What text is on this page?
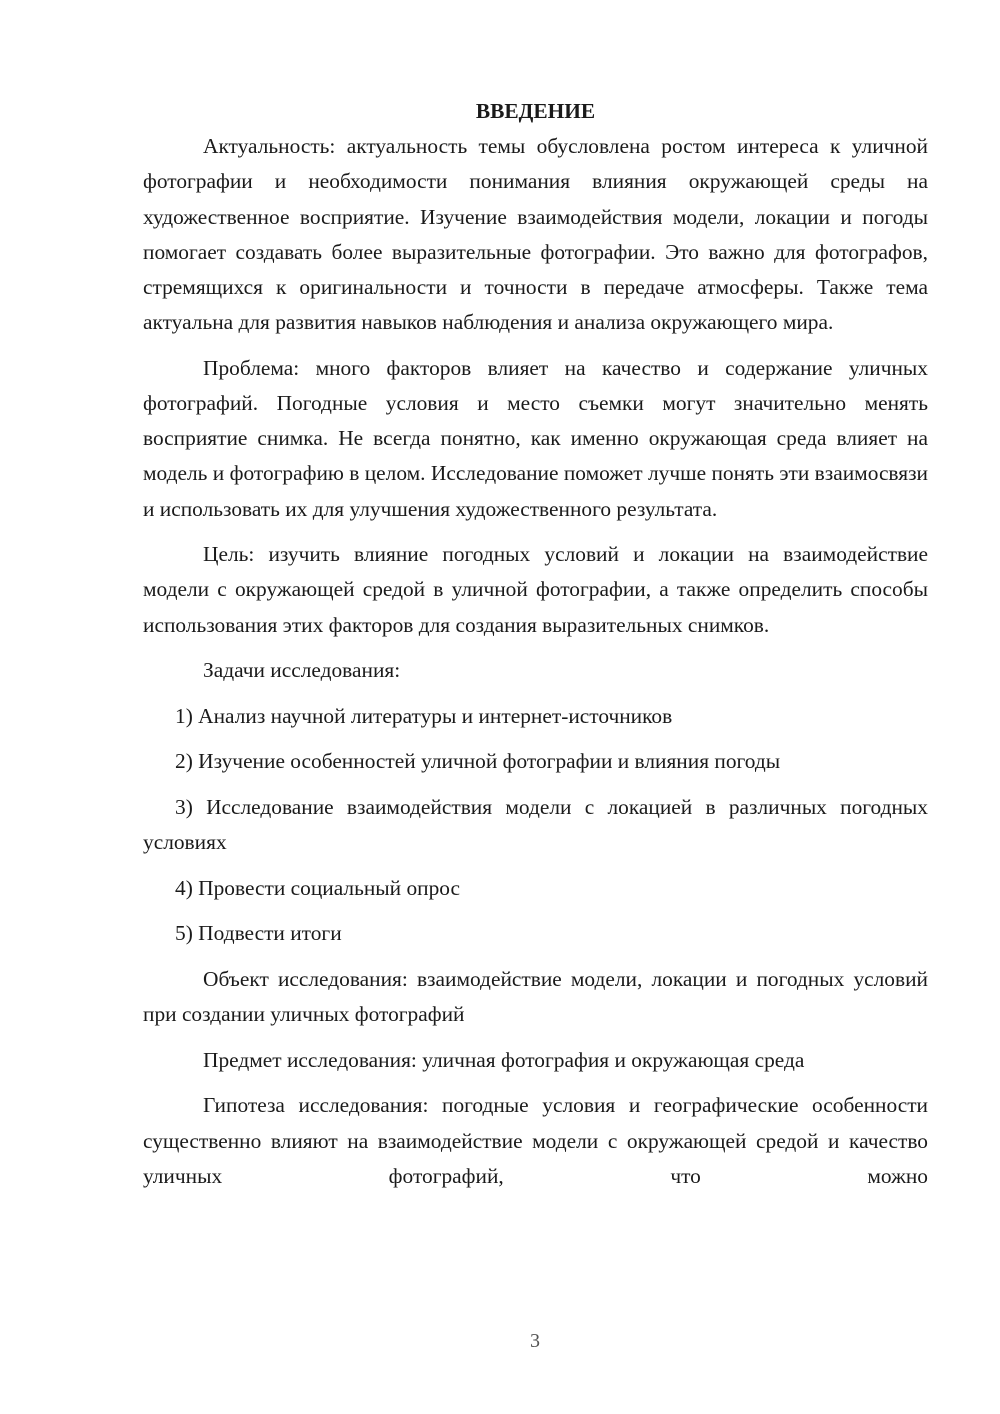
ВВЕДЕНИЕ

Актуальность: актуальность темы обусловлена ростом интереса к уличной фотографии и необходимости понимания влияния окружающей среды на художественное восприятие. Изучение взаимодействия модели, локации и погоды помогает создавать более выразительные фотографии. Это важно для фотографов, стремящихся к оригинальности и точности в передаче атмосферы. Также тема актуальна для развития навыков наблюдения и анализа окружающего мира.

Проблема: много факторов влияет на качество и содержание уличных фотографий. Погодные условия и место съемки могут значительно менять восприятие снимка. Не всегда понятно, как именно окружающая среда влияет на модель и фотографию в целом. Исследование поможет лучше понять эти взаимосвязи и использовать их для улучшения художественного результата.

Цель: изучить влияние погодных условий и локации на взаимодействие модели с окружающей средой в уличной фотографии, а также определить способы использования этих факторов для создания выразительных снимков.

Задачи исследования:

1) Анализ научной литературы и интернет-источников

2) Изучение особенностей уличной фотографии и влияния погоды

3) Исследование взаимодействия модели с локацией в различных погодных условиях

4) Провести социальный опрос

5) Подвести итоги

Объект исследования: взаимодействие модели, локации и погодных условий при создании уличных фотографий

Предмет исследования: уличная фотография и окружающая среда

Гипотеза исследования: погодные условия и географические особенности существенно влияют на взаимодействие модели с окружающей средой и качество уличных фотографий, что можно

3
